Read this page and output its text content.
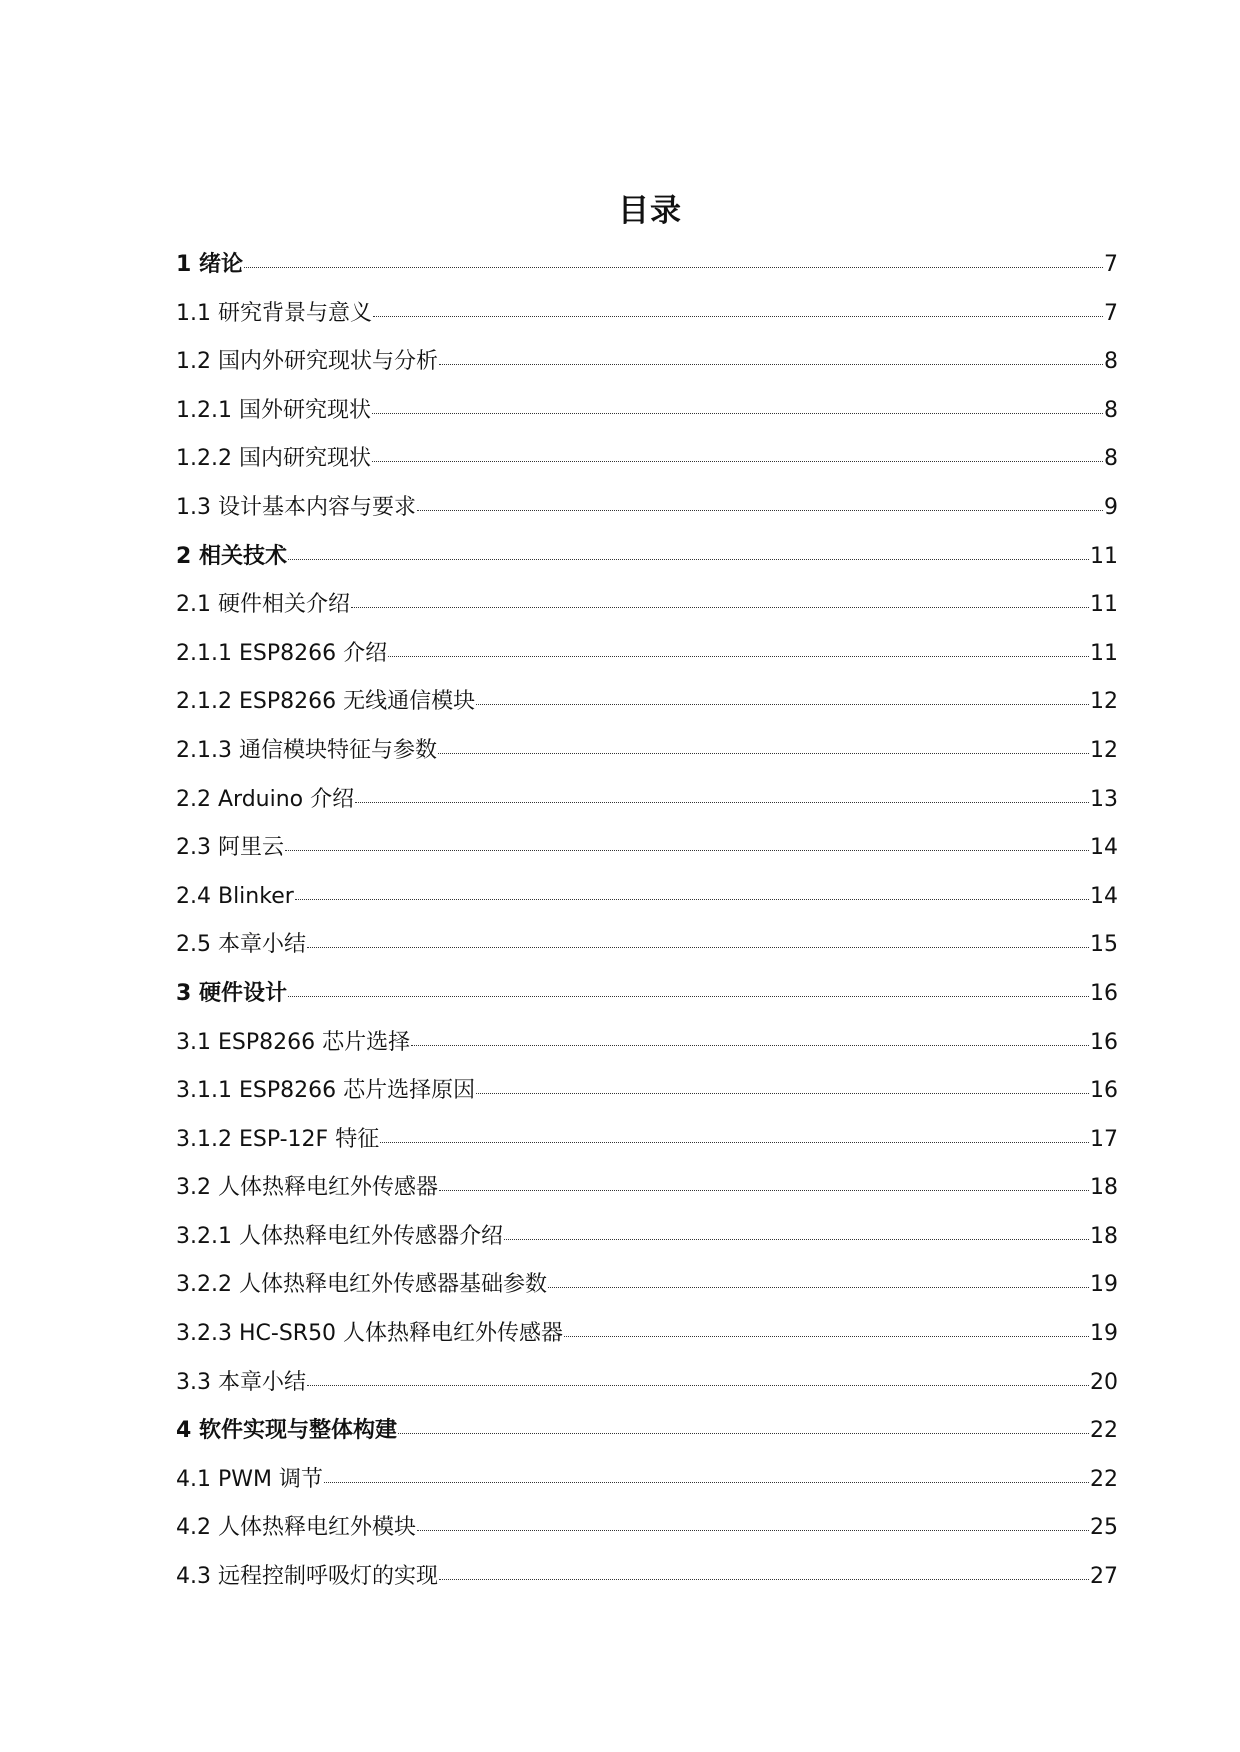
目录
1 绪论	7
1.1 研究背景与意义	7
1.2 国内外研究现状与分析	8
1.2.1 国外研究现状	8
1.2.2 国内研究现状	8
1.3 设计基本内容与要求	9
2 相关技术	11
2.1 硬件相关介绍	11
2.1.1 ESP8266 介绍	11
2.1.2 ESP8266 无线通信模块	12
2.1.3 通信模块特征与参数	12
2.2 Arduino 介绍	13
2.3 阿里云	14
2.4 Blinker	14
2.5 本章小结	15
3 硬件设计	16
3.1 ESP8266 芯片选择	16
3.1.1 ESP8266 芯片选择原因	16
3.1.2 ESP-12F 特征	17
3.2 人体热释电红外传感器	18
3.2.1 人体热释电红外传感器介绍	18
3.2.2 人体热释电红外传感器基础参数	19
3.2.3 HC-SR50 人体热释电红外传感器	19
3.3 本章小结	20
4 软件实现与整体构建	22
4.1 PWM 调节	22
4.2 人体热释电红外模块	25
4.3 远程控制呼吸灯的实现	27
